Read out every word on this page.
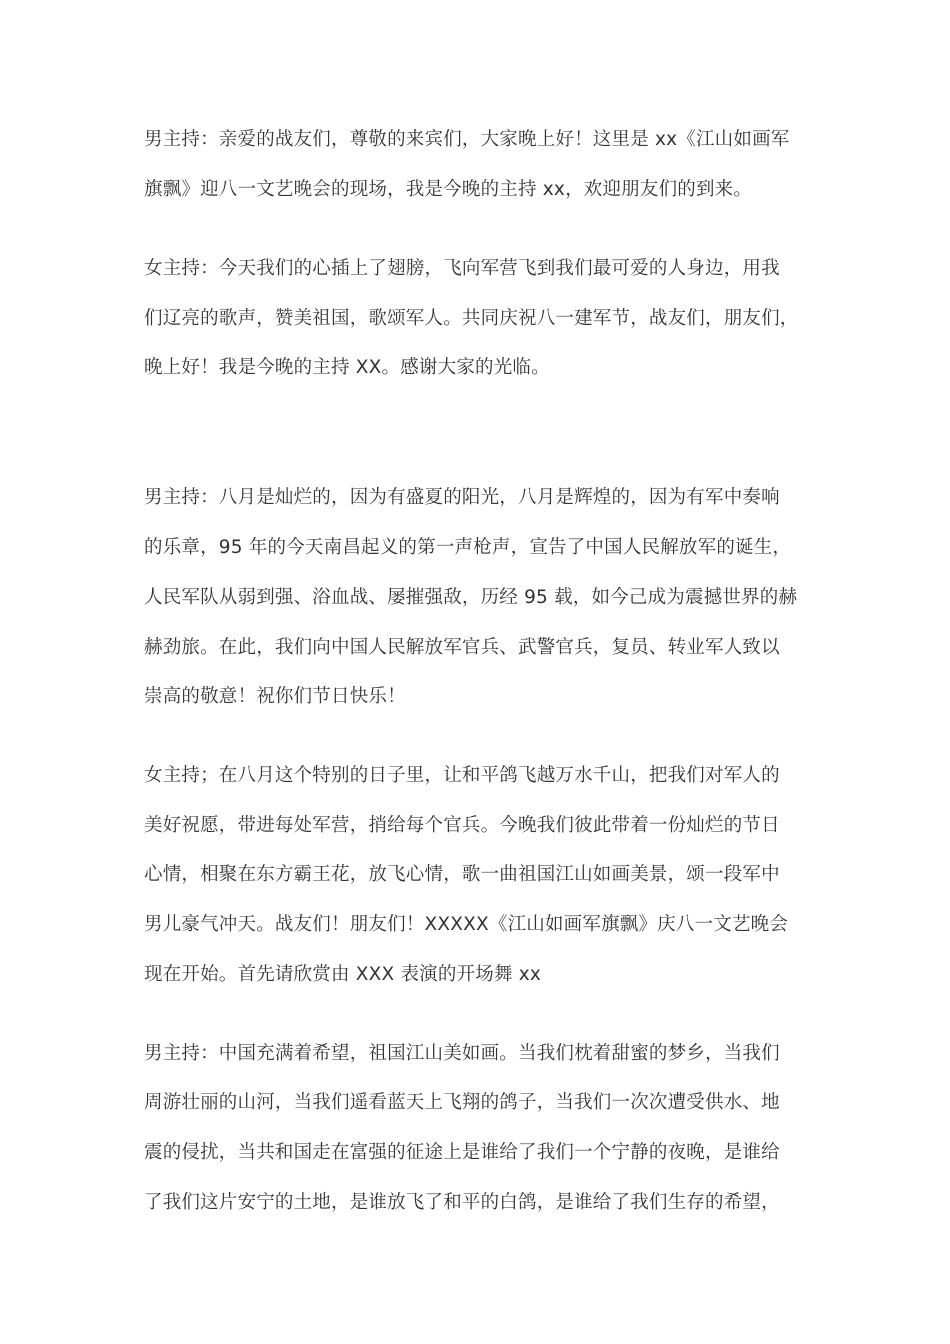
男主持：亲爱的战友们，尊敬的来宾们，大家晚上好！这里是 xx《江山如画军
旗飘》迎八一文艺晚会的现场，我是今晚的主持 xx，欢迎朋友们的到来。
女主持：今天我们的心插上了翅膀，飞向军营飞到我们最可爱的人身边，用我
们辽亮的歌声，赞美祖国，歌颂军人。共同庆祝八一建军节，战友们，朋友们，
晚上好！我是今晚的主持 XX。感谢大家的光临。
男主持：八月是灿烂的，因为有盛夏的阳光，八月是辉煌的，因为有军中奏响
的乐章，95 年的今天南昌起义的第一声枪声，宣告了中国人民解放军的诞生，
人民军队从弱到强、浴血战、屡摧强敌，历经 95 载，如今己成为震撼世界的赫
赫劲旅。在此，我们向中国人民解放军官兵、武警官兵，复员、转业军人致以
崇高的敬意！祝你们节日快乐！
女主持；在八月这个特别的日子里，让和平鸽飞越万水千山，把我们对军人的
美好祝愿，带进每处军营，捎给每个官兵。今晚我们彼此带着一份灿烂的节日
心情，相聚在东方霸王花，放飞心情，歌一曲祖国江山如画美景，颂一段军中
男儿豪气冲天。战友们！朋友们！XXXXX《江山如画军旗飘》庆八一文艺晚会
现在开始。首先请欣赏由 XXX 表演的开场舞 xx
男主持：中国充满着希望，祖国江山美如画。当我们枕着甜蜜的梦乡，当我们
周游壮丽的山河，当我们遥看蓝天上飞翔的鸽子，当我们一次次遭受供水、地
震的侵扰，当共和国走在富强的征途上是谁给了我们一个宁静的夜晚，是谁给
了我们这片安宁的土地，是谁放飞了和平的白鸽，是谁给了我们生存的希望，
